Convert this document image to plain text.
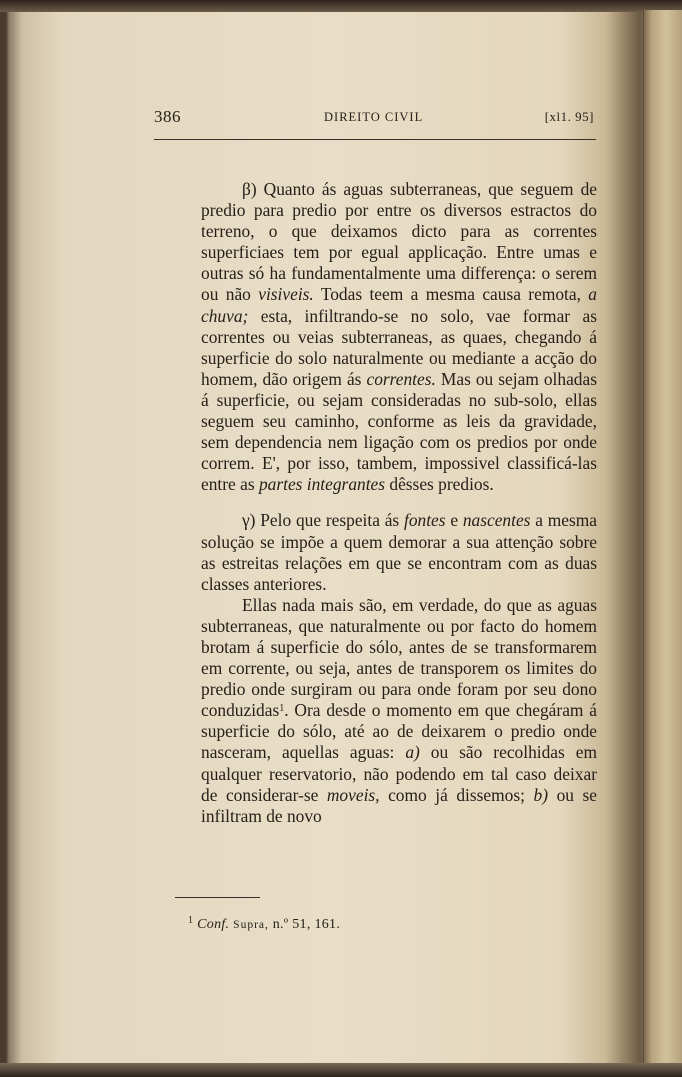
386	DIREITO CIVIL	[xl1. 95]

β) Quanto ás aguas subterraneas, que seguem de predio para predio por entre os diversos estractos do terreno, o que deixamos dicto para as correntes superficiaes tem por egual applicação. Entre umas e outras só ha fundamentalmente uma differença: o serem ou não visiveis. Todas teem a mesma causa remota, a chuva; esta, infiltrando-se no solo, vae formar as correntes ou veias subterraneas, as quaes, chegando á superficie do solo naturalmente ou mediante a acção do homem, dão origem ás correntes. Mas ou sejam olhadas á superficie, ou sejam consideradas no sub-solo, ellas seguem seu caminho, conforme as leis da gravidade, sem dependencia nem ligação com os predios por onde correm. E', por isso, tambem, impossivel classificá-las entre as partes integrantes dêsses predios.

γ) Pelo que respeita ás fontes e nascentes a mesma solução se impõe a quem demorar a sua attenção sobre as estreitas relações em que se encontram com as duas classes anteriores.

Ellas nada mais são, em verdade, do que as aguas subterraneas, que naturalmente ou por facto do homem brotam á superficie do sólo, antes de se transformarem em corrente, ou seja, antes de transporem os limites do predio onde surgiram ou para onde foram por seu dono conduzidas$^1$. Ora desde o momento em que chegáram á superficie do sólo, até ao de deixarem o predio onde nasceram, aquellas aguas: a) ou são recolhidas em qualquer reservatorio, não podendo em tal caso deixar de considerar-se moveis, como já dissemos; b) ou se infiltram de novo

$^1$ Conf. Supra, n.º 51, 161.
